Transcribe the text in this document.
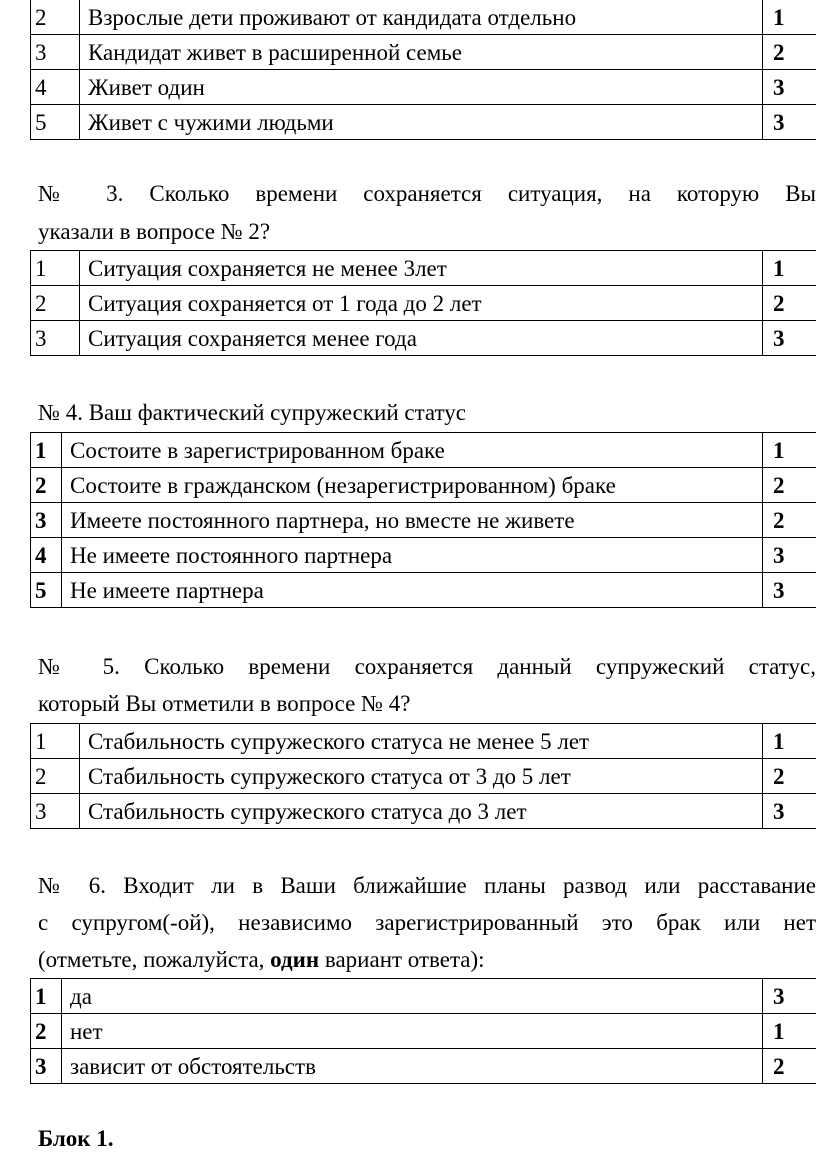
2	Взрослые дети проживают от кандидата отдельно	1
3	Кандидат живет в расширенной семье	2
4	Живет один	3
5	Живет с чужими людьми	3

№ 3. Сколько времени сохраняется ситуация, на которую Вы

указали в вопросе № 2?

1	Ситуация сохраняется не менее 3лет	1
2	Ситуация сохраняется от 1 года до 2 лет	2
3	Ситуация сохраняется менее года	3

№ 4. Ваш фактический супружеский статус

1	Состоите в зарегистрированном браке	1
2	Состоите в гражданском (незарегистрированном) браке	2
3	Имеете постоянного партнера, но вместе не живете	2
4	Не имеете постоянного партнера	3
5	Не имеете партнера	3

№ 5. Сколько времени сохраняется данный супружеский статус,

который Вы отметили в вопросе № 4?

1	Стабильность супружеского статуса не менее 5 лет	1
2	Стабильность супружеского статуса от 3 до 5 лет	2
3	Стабильность супружеского статуса до 3 лет	3

№ 6. Входит ли в Ваши ближайшие планы развод или расставание

с супругом(-ой), независимо зарегистрированный это брак или нет

(отметьте, пожалуйста, один вариант ответа):

1	да	3
2	нет	1
3	зависит от обстоятельств	2

Блок 1.
